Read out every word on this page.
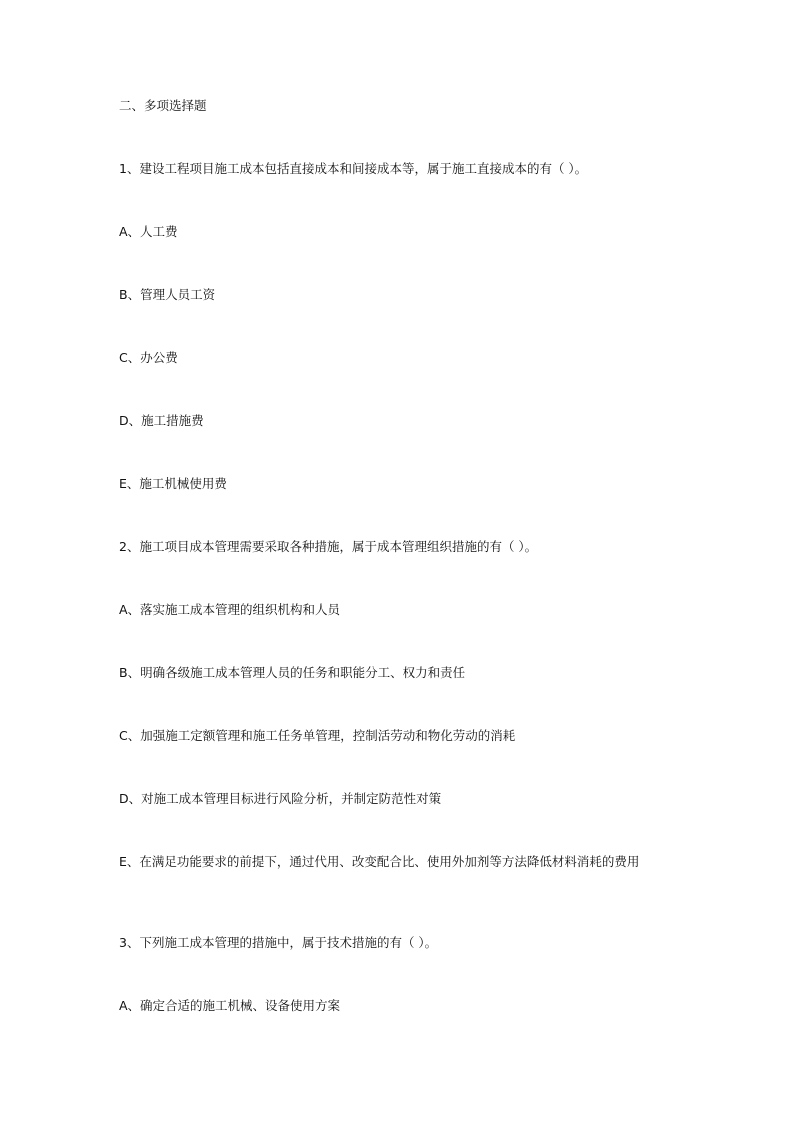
二、多项选择题
1、建设工程项目施工成本包括直接成本和间接成本等，属于施工直接成本的有（ ）。
A、人工费
B、管理人员工资
C、办公费
D、施工措施费
E、施工机械使用费
2、施工项目成本管理需要采取各种措施，属于成本管理组织措施的有（ ）。
A、落实施工成本管理的组织机构和人员
B、明确各级施工成本管理人员的任务和职能分工、权力和责任
C、加强施工定额管理和施工任务单管理，控制活劳动和物化劳动的消耗
D、对施工成本管理目标进行风险分析，并制定防范性对策
E、在满足功能要求的前提下，通过代用、改变配合比、使用外加剂等方法降低材料消耗的费用
3、下列施工成本管理的措施中，属于技术措施的有（ ）。
A、确定合适的施工机械、设备使用方案
